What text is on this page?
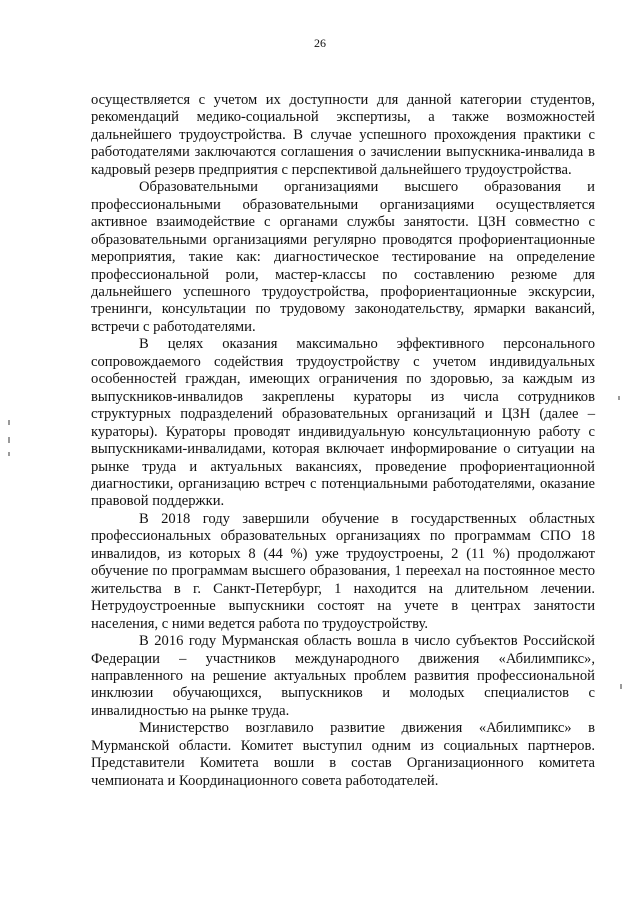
26

осуществляется с учетом их доступности для данной категории студентов, рекомендаций медико-социальной экспертизы, а также возможностей дальнейшего трудоустройства. В случае успешного прохождения практики с работодателями заключаются соглашения о зачислении выпускника-инвалида в кадровый резерв предприятия с перспективой дальнейшего трудоустройства.

Образовательными организациями высшего образования и профессиональными образовательными организациями осуществляется активное взаимодействие с органами службы занятости. ЦЗН совместно с образовательными организациями регулярно проводятся профориентационные мероприятия, такие как: диагностическое тестирование на определение профессиональной роли, мастер-классы по составлению резюме для дальнейшего успешного трудоустройства, профориентационные экскурсии, тренинги, консультации по трудовому законодательству, ярмарки вакансий, встречи с работодателями.

В целях оказания максимально эффективного персонального сопровождаемого содействия трудоустройству с учетом индивидуальных особенностей граждан, имеющих ограничения по здоровью, за каждым из выпускников-инвалидов закреплены кураторы из числа сотрудников структурных подразделений образовательных организаций и ЦЗН (далее – кураторы). Кураторы проводят индивидуальную консультационную работу с выпускниками-инвалидами, которая включает информирование о ситуации на рынке труда и актуальных вакансиях, проведение профориентационной диагностики, организацию встреч с потенциальными работодателями, оказание правовой поддержки.

В 2018 году завершили обучение в государственных областных профессиональных образовательных организациях по программам СПО 18 инвалидов, из которых 8 (44 %) уже трудоустроены, 2 (11 %) продолжают обучение по программам высшего образования, 1 переехал на постоянное место жительства в г. Санкт-Петербург, 1 находится на длительном лечении. Нетрудоустроенные выпускники состоят на учете в центрах занятости населения, с ними ведется работа по трудоустройству.

В 2016 году Мурманская область вошла в число субъектов Российской Федерации – участников международного движения «Абилимпикс», направленного на решение актуальных проблем развития профессиональной инклюзии обучающихся, выпускников и молодых специалистов с инвалидностью на рынке труда.

Министерство возглавило развитие движения «Абилимпикс» в Мурманской области. Комитет выступил одним из социальных партнеров. Представители Комитета вошли в состав Организационного комитета чемпионата и Координационного совета работодателей.
